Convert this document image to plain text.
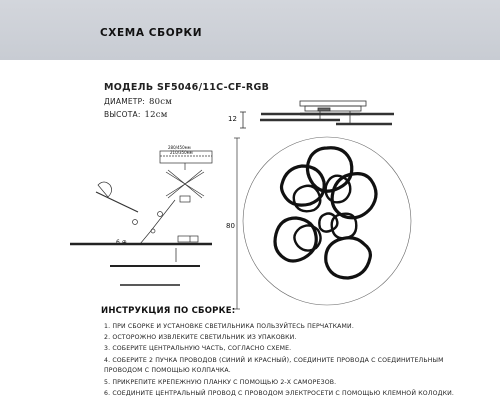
СХЕМА СБОРКИ
МОДЕЛЬ SF5046/11C-CF-RGB
ДИАМЕТР: 80см
ВЫСОТА: 12см	12
280/450мм
210/350мм
6 ⊕
80
ИНСТРУКЦИЯ ПО СБОРКЕ:
1. ПРИ СБОРКЕ И УСТАНОВКЕ СВЕТИЛЬНИКА ПОЛЬЗУЙТЕСЬ ПЕРЧАТКАМИ.
2. ОСТОРОЖНО ИЗВЛЕКИТЕ СВЕТИЛЬНИК ИЗ УПАКОВКИ.
3. СОБЕРИТЕ ЦЕНТРАЛЬНУЮ ЧАСТЬ, СОГЛАСНО СХЕМЕ.
4. СОБЕРИТЕ 2 ПУЧКА ПРОВОДОВ (СИНИЙ И КРАСНЫЙ), СОЕДИНИТЕ ПРОВОДА С СОЕДИНИТЕЛЬНЫМ
ПРОВОДОМ С ПОМОЩЬЮ КОЛПАЧКА.
5. ПРИКРЕПИТЕ КРЕПЕЖНУЮ ПЛАНКУ С ПОМОЩЬЮ 2-Х САМОРЕЗОВ.
6. СОЕДИНИТЕ ЦЕНТРАЛЬНЫЙ ПРОВОД С ПРОВОДОМ ЭЛЕКТРОСЕТИ С ПОМОЩЬЮ КЛЕМНОЙ КОЛОДКИ.
